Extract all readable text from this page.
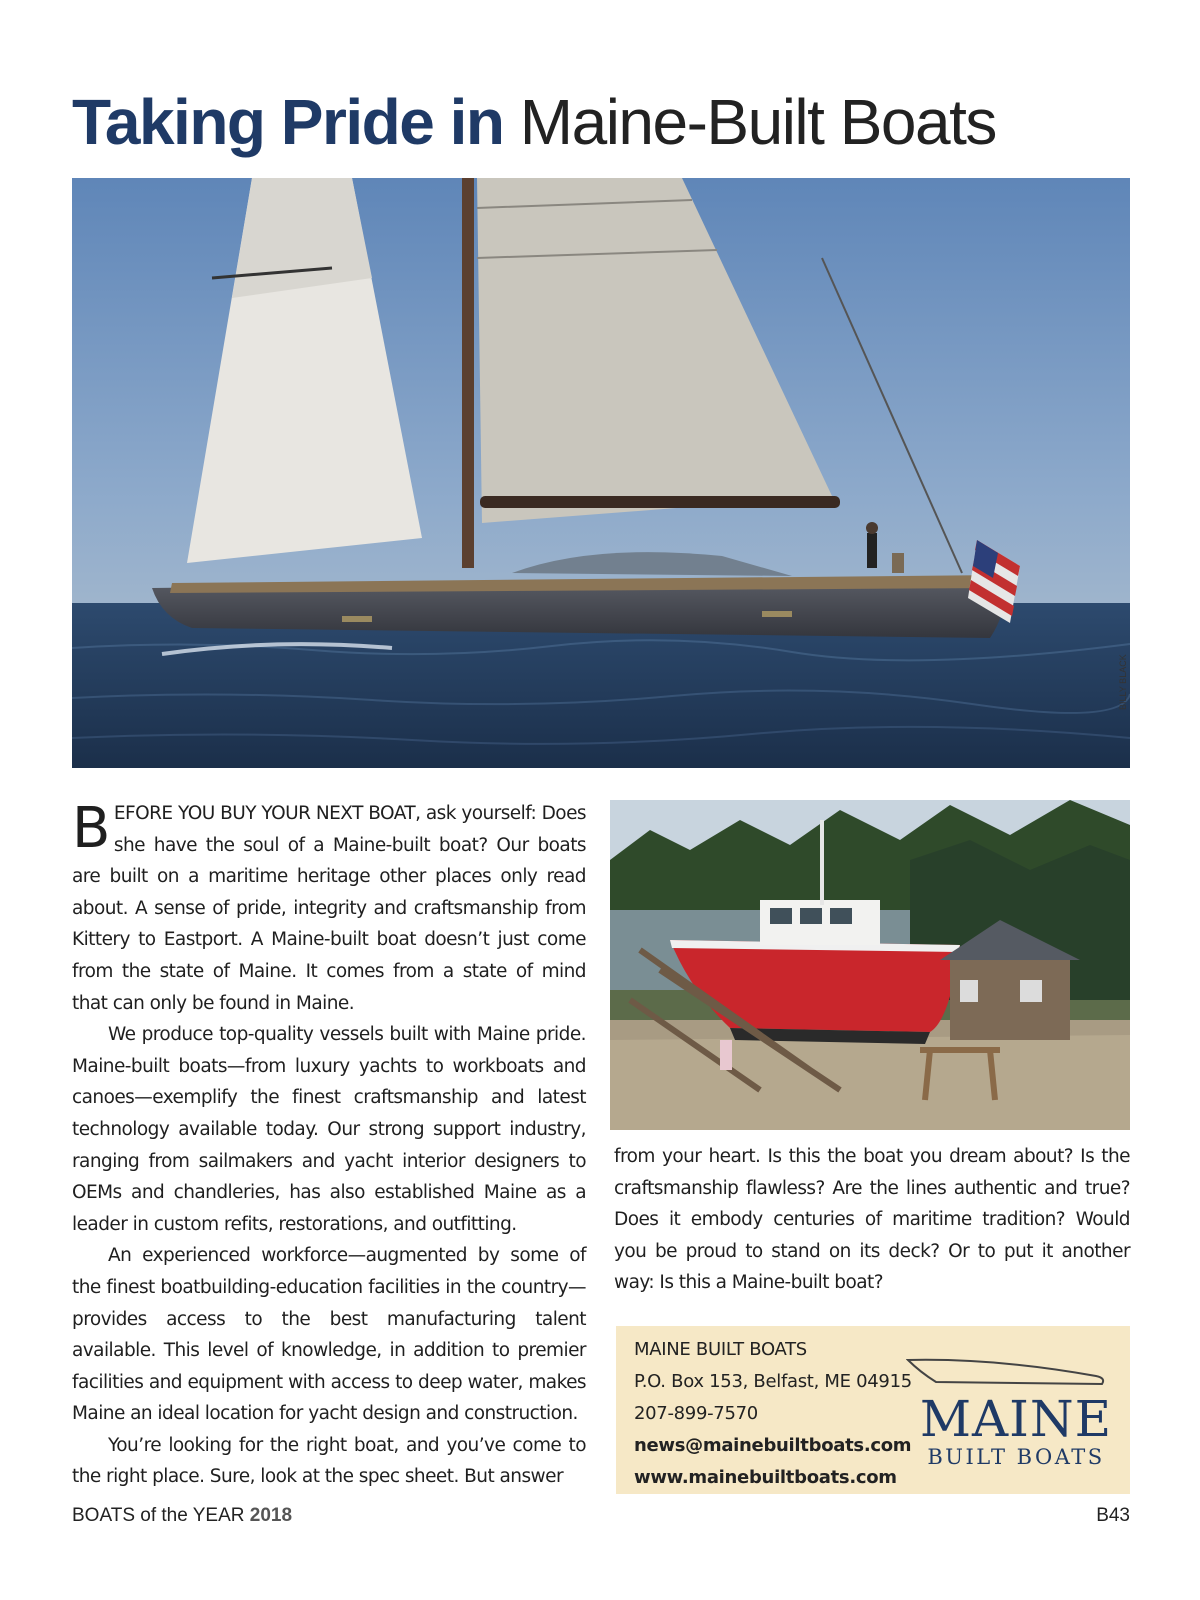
Taking Pride in Maine-Built Boats
BILLY BLACK

BEFORE YOU BUY YOUR NEXT BOAT, ask yourself: Does she have the soul of a Maine-built boat? Our boats are built on a maritime heritage other places only read about. A sense of pride, integrity and craftsmanship from Kittery to Eastport. A Maine-built boat doesn’t just come from the state of Maine. It comes from a state of mind that can only be found in Maine.

We produce top-quality vessels built with Maine pride. Maine-built boats—from luxury yachts to workboats and canoes—exemplify the finest craftsmanship and latest technology available today. Our strong support industry, ranging from sailmakers and yacht interior designers to OEMs and chandleries, has also established Maine as a leader in custom refits, restorations, and outfitting.

An experienced workforce—augmented by some of the finest boatbuilding-education facilities in the country—provides access to the best manufacturing talent available. This level of knowledge, in addition to premier facilities and equipment with access to deep water, makes Maine an ideal location for yacht design and construction.

You’re looking for the right boat, and you’ve come to the right place. Sure, look at the spec sheet. But answer

from your heart. Is this the boat you dream about? Is the craftsmanship flawless? Are the lines authentic and true? Does it embody centuries of maritime tradition? Would you be proud to stand on its deck? Or to put it another way: Is this a Maine-built boat?

MAINE BUILT BOATS
P.O. Box 153, Belfast, ME 04915
207-899-7570
news@mainebuiltboats.com
www.mainebuiltboats.com
MAINE
BUILT BOATS
BOATS of the YEAR 2018	B43
